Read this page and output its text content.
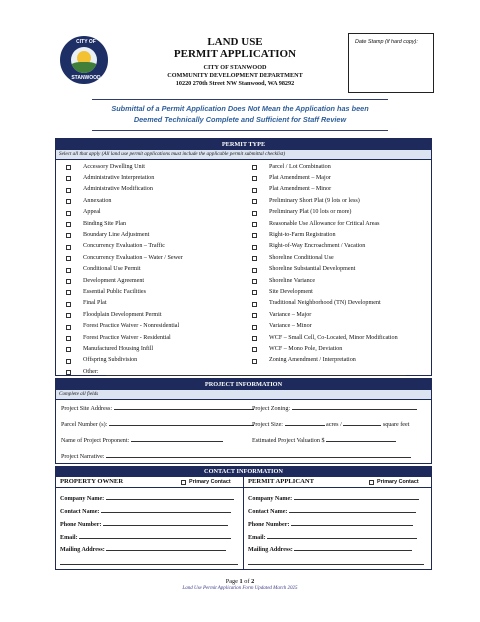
CITY OF
STANWOOD
LAND USE
PERMIT APPLICATION
CITY OF STANWOOD
COMMUNITY DEVELOPMENT DEPARTMENT
10220 270th Street NW Stanwood, WA 98292
Date Stamp (if hard copy):
Submittal of a Permit Application Does Not Mean the Application has been
Deemed Technically Complete and Sufficient for Staff Review
PERMIT TYPE
Select all that apply (All land use permit applications must include the applicable permit submittal checklist)
Accessory Dwelling Unit
Administrative Interpretation
Administrative Modification
Annexation
Appeal
Binding Site Plan
Boundary Line Adjustment
Concurrency Evaluation – Traffic
Concurrency Evaluation – Water / Sewer
Conditional Use Permit
Development Agreement
Essential Public Facilities
Final Plat
Floodplain Development Permit
Forest Practice Waiver - Nonresidential
Forest Practice Waiver - Residential
Manufactured Housing Infill
Offspring Subdivision
Other:
Parcel / Lot Combination
Plat Amendment – Major
Plat Amendment – Minor
Preliminary Short Plat (9 lots or less)
Preliminary Plat (10 lots or more)
Reasonable Use Allowance for Critical Areas
Right-to-Farm Registration
Right-of-Way Encroachment / Vacation
Shoreline Conditional Use
Shoreline Substantial Development
Shoreline Variance
Site Development
Traditional Neighborhood (TN) Development
Variance – Major
Variance – Minor
WCF – Small Cell, Co-Located, Minor Modification
WCF – Mono Pole, Deviation
Zoning Amendment / Interpretation
PROJECT INFORMATION
Complete all fields
Project Site Address:	Project Zoning:
Parcel Number (s):	Project Size:	acres /	square feet
Name of Project Proponent:	Estimated Project Valuation $
Project Narrative:
CONTACT INFORMATION
PROPERTY OWNER	Primary Contact	PERMIT APPLICANT	Primary Contact
Company Name:
Contact Name:
Phone Number:
Email:
Mailing Address:
Company Name:
Contact Name:
Phone Number:
Email:
Mailing Address:
Page 1 of 2
Land Use Permit Application Form Updated March 2025
